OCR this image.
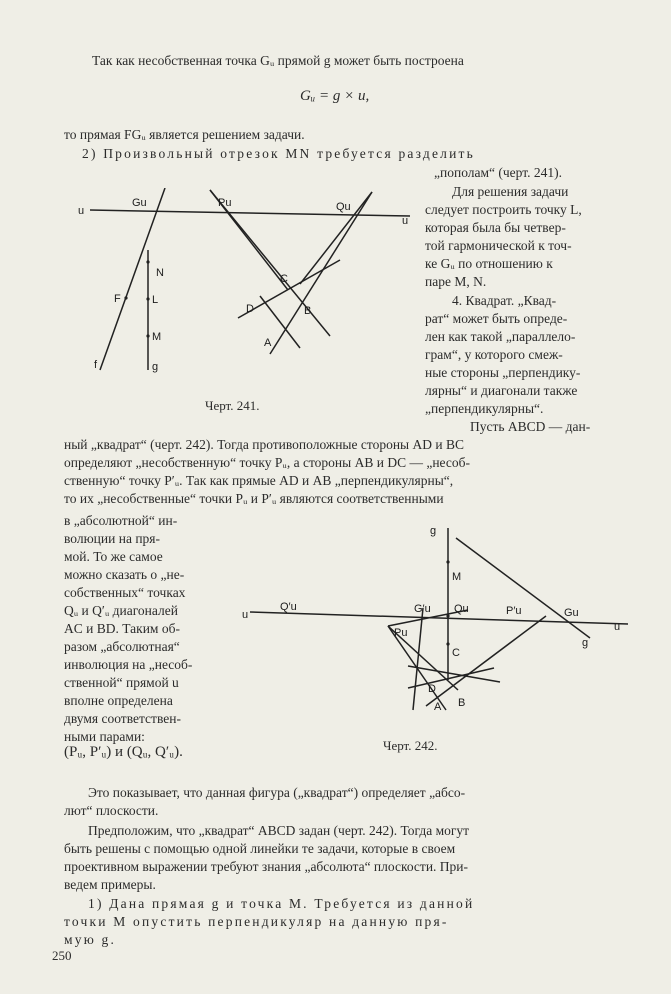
Так как несобственная точка Gᵤ прямой g может быть построена
Gᵤ = g × u,
то прямая FGᵤ является решением задачи.
2) Произвольный отрезок MN требуется разделить
„пополам“ (черт. 241).
Для решения задачи
следует построить точку L,
которая была бы четвер-
той гармонической к точ-
ке Gᵤ по отношению к
паре M, N.
4. Квадрат. „Квад-
рат“ может быть опреде-
лен как такой „параллело-
грам“, у которого смеж-
ные стороны „перпендику-
лярны“ и диагонали также
„перпендикулярны“.
Пусть ABCD — дан-
u
u
Gu	Pu	Qu
N
L
M
F
f	g
C
D	B
A
Черт. 241.
ный „квадрат“ (черт. 242). Тогда противоположные стороны AD и BC
определяют „несобственную“ точку Pᵤ, а стороны AB и DC — „несоб-
ственную“ точку P′ᵤ. Так как прямые AD и AB „перпендикулярны“,
то их „несобственные“ точки Pᵤ и P′ᵤ являются соответственными
в „абсолютной“ ин-
волюции на пря-
мой. То же самое
можно сказать о „не-
собственных“ точках
Qᵤ и Q′ᵤ диагоналей
AC и BD. Таким об-
разом „абсолютная“
инволюция на „несоб-
ственной“ прямой u
вполне определена
двумя соответствен-
ными парами:
(Pᵤ, P′ᵤ) и (Qᵤ, Q′ᵤ).
u
u
Q′u	G′u Qu	P′u	Gu
Pu
g
g
M
C
D
B
A
Черт. 242.
Это показывает, что данная фигура („квадрат“) определяет „абсо-
лют“ плоскости.
Предположим, что „квадрат“ ABCD задан (черт. 242). Тогда могут
быть решены с помощью одной линейки те задачи, которые в своем
проективном выражении требуют знания „абсолюта“ плоскости. При-
ведем примеры.
1) Дана прямая g и точка M. Требуется из данной
точки M опустить перпендикуляр на данную пря-
мую g.
250
